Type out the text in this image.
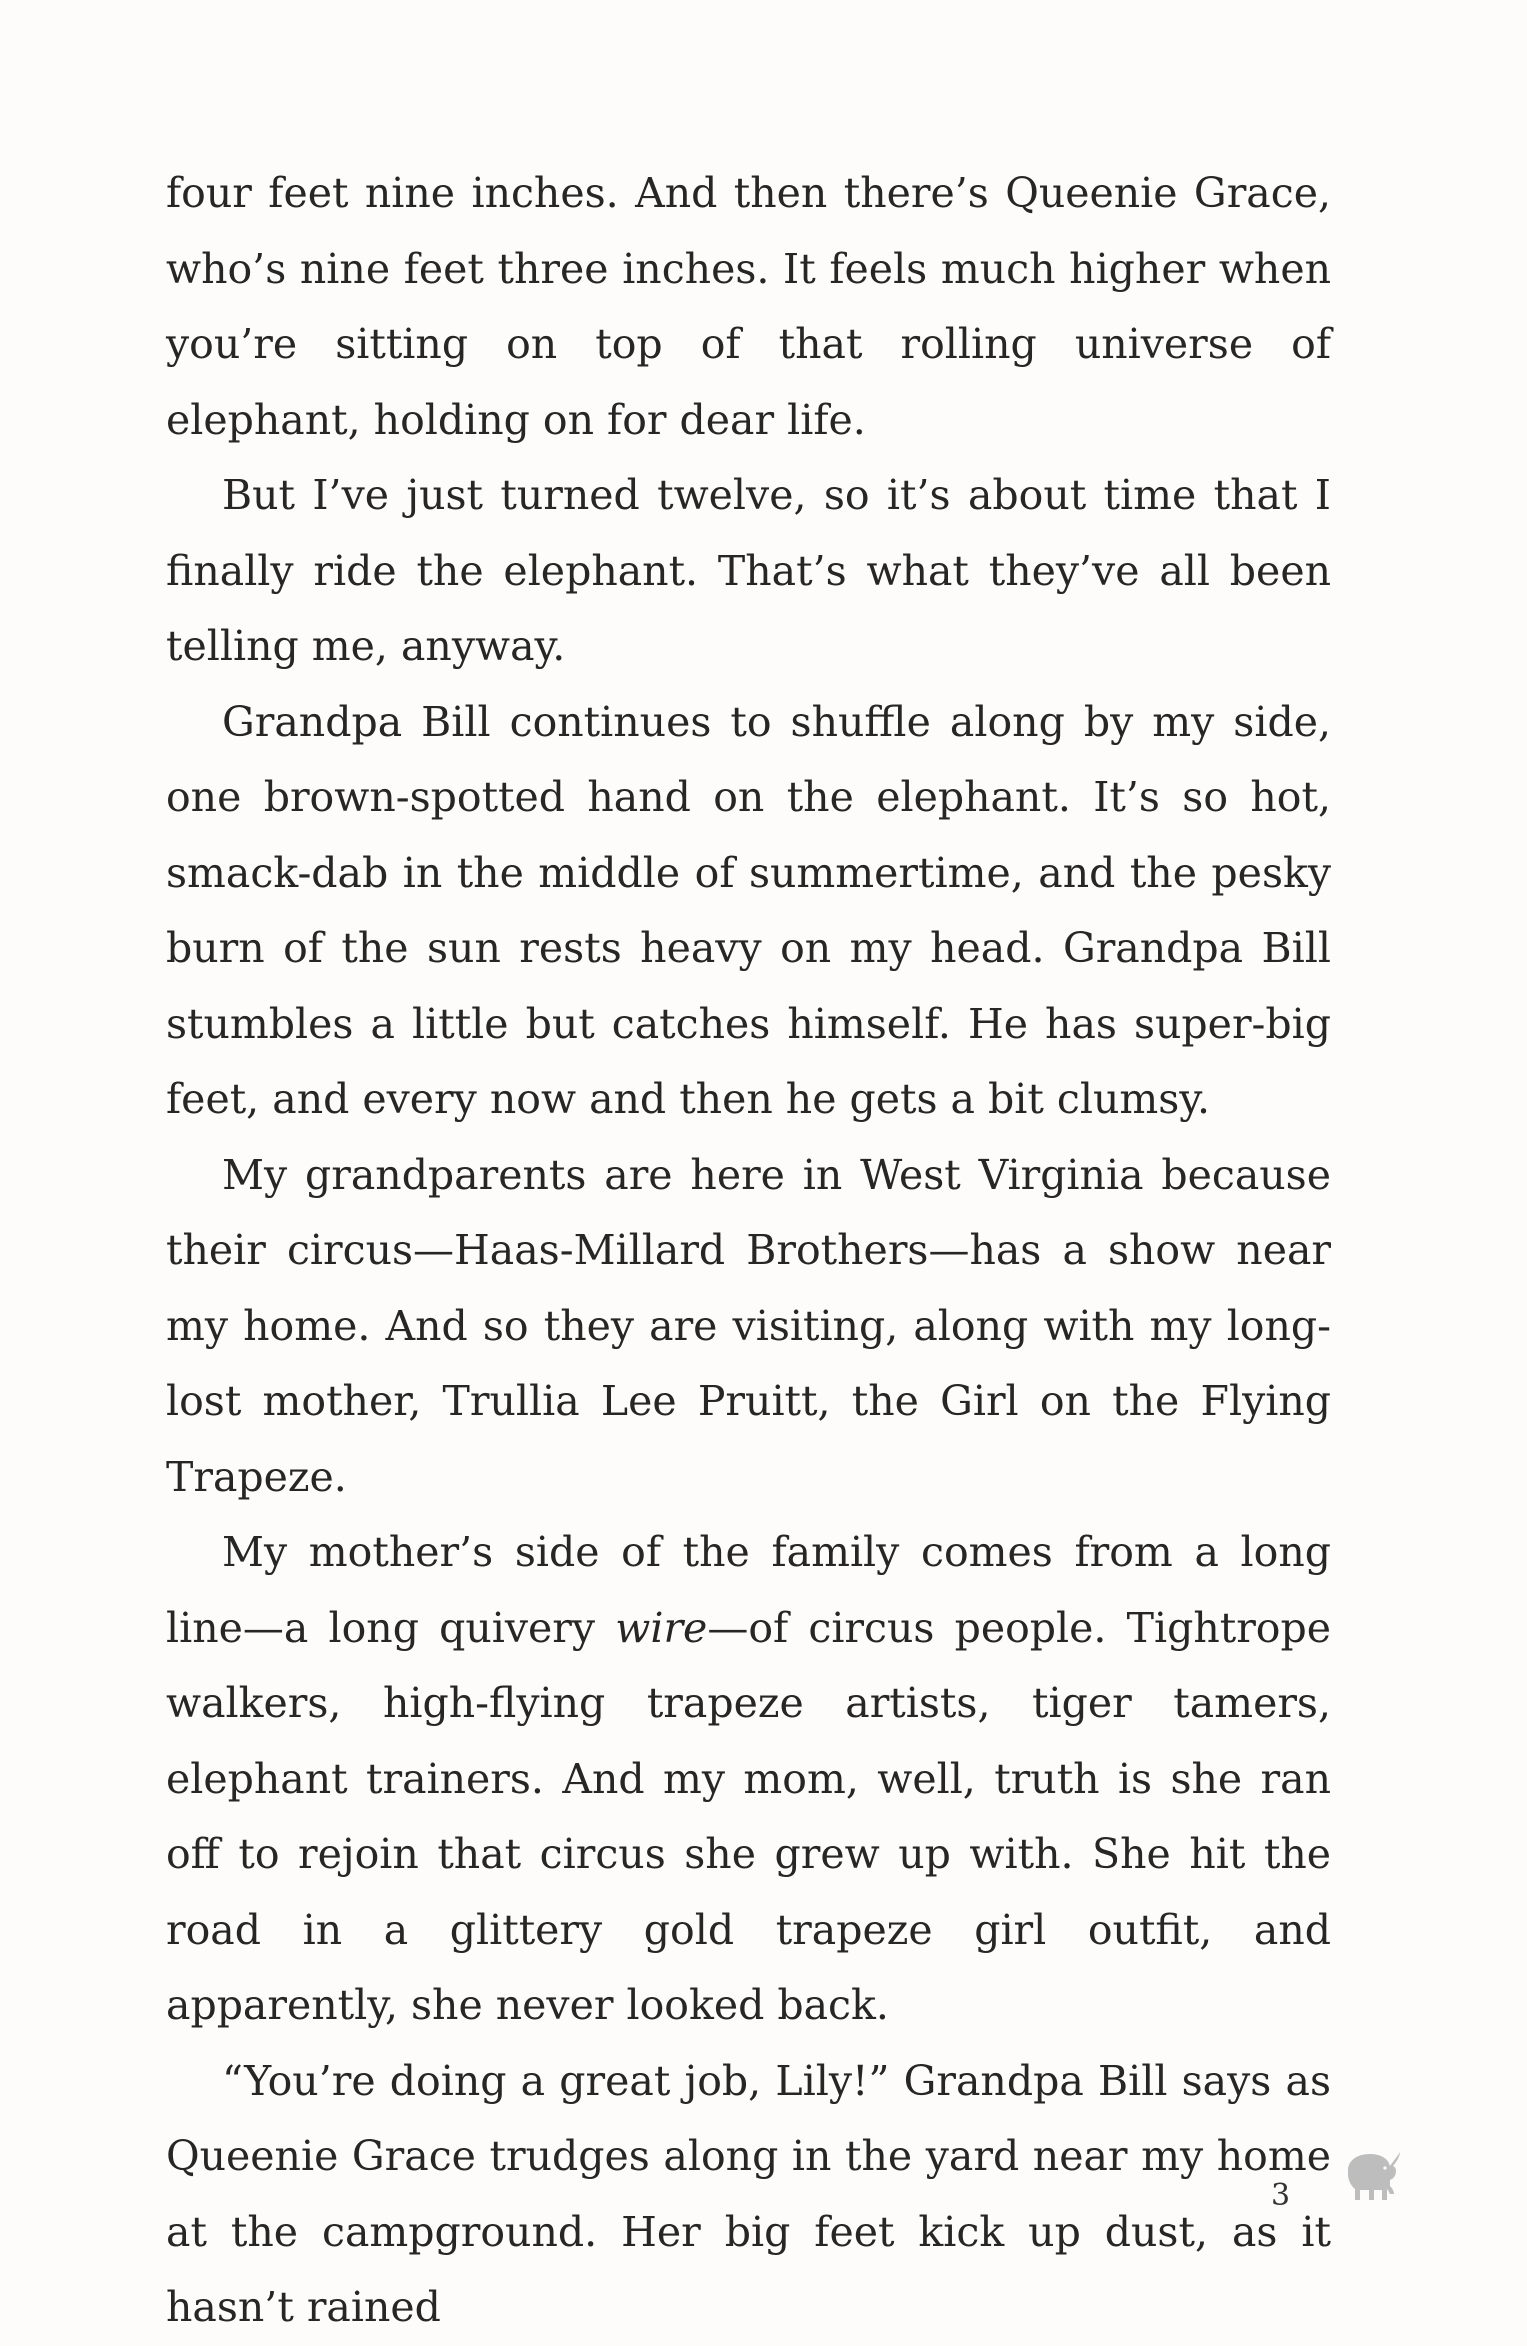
four feet nine inches. And then there’s Queenie Grace, who’s nine feet three inches. It feels much higher when you’re sitting on top of that rolling universe of elephant, holding on for dear life.

But I’ve just turned twelve, so it’s about time that I finally ride the elephant. That’s what they’ve all been telling me, anyway.

Grandpa Bill continues to shuffle along by my side, one brown-spotted hand on the elephant. It’s so hot, smack-dab in the middle of summertime, and the pesky burn of the sun rests heavy on my head. Grandpa Bill stumbles a little but catches himself. He has super-big feet, and every now and then he gets a bit clumsy.

My grandparents are here in West Virginia because their circus—Haas-Millard Brothers—has a show near my home. And so they are visiting, along with my long-lost mother, Trullia Lee Pruitt, the Girl on the Flying Trapeze.

My mother’s side of the family comes from a long line—a long quivery wire—of circus people. Tightrope walkers, high-flying trapeze artists, tiger tamers, elephant trainers. And my mom, well, truth is she ran off to rejoin that circus she grew up with. She hit the road in a glittery gold trapeze girl outfit, and apparently, she never looked back.

“You’re doing a great job, Lily!” Grandpa Bill says as Queenie Grace trudges along in the yard near my home at the campground. Her big feet kick up dust, as it hasn’t rained

3
